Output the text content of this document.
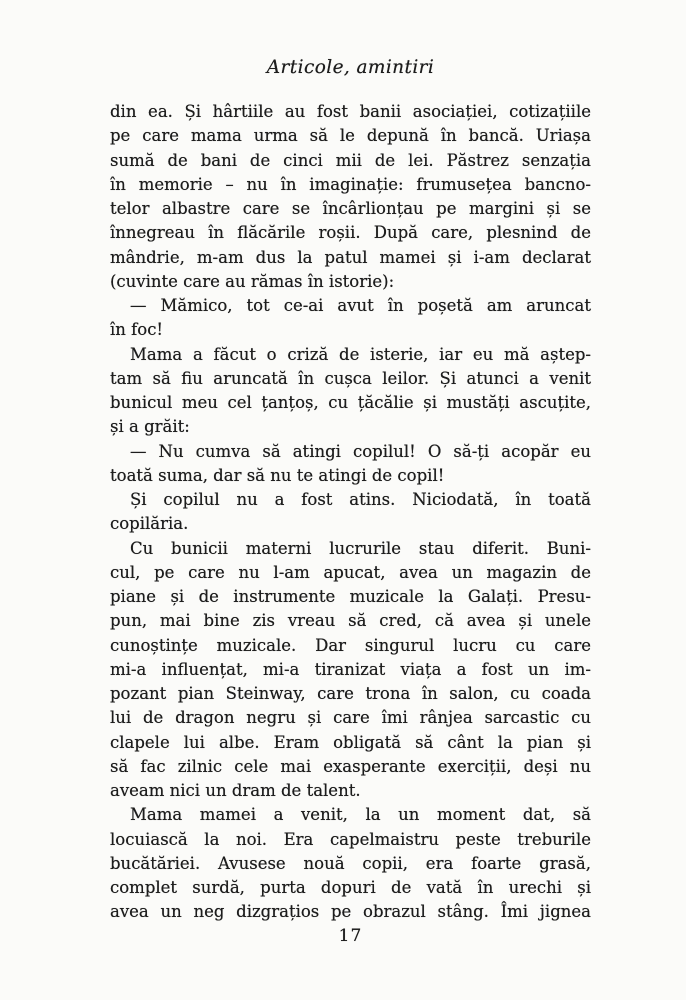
Articole, amintiri
din ea. Și hârtiile au fost banii asociației, cotizațiile
pe care mama urma să le depună în bancă. Uriașa
sumă de bani de cinci mii de lei. Păstrez senzația
în memorie – nu în imaginație: frumusețea bancno-
telor albastre care se încârlionțau pe margini și se
înnegreau în flăcările roșii. După care, plesnind de
mândrie, m-am dus la patul mamei și i-am declarat
(cuvinte care au rămas în istorie):
— Mămico, tot ce-ai avut în poșetă am aruncat
în foc!
Mama a făcut o criză de isterie, iar eu mă aștep-
tam să fiu aruncată în cușca leilor. Și atunci a venit
bunicul meu cel țanțoș, cu țăcălie și mustăți ascuțite,
și a grăit:
— Nu cumva să atingi copilul! O să-ți acopăr eu
toată suma, dar să nu te atingi de copil!
Și copilul nu a fost atins. Niciodată, în toată
copilăria.
Cu bunicii materni lucrurile stau diferit. Buni-
cul, pe care nu l-am apucat, avea un magazin de
piane și de instrumente muzicale la Galați. Presu-
pun, mai bine zis vreau să cred, că avea și unele
cunoștințe muzicale. Dar singurul lucru cu care
mi-a influențat, mi-a tiranizat viața a fost un im-
pozant pian Steinway, care trona în salon, cu coada
lui de dragon negru și care îmi rânjea sarcastic cu
clapele lui albe. Eram obligată să cânt la pian și
să fac zilnic cele mai exasperante exerciții, deși nu
aveam nici un dram de talent.
Mama mamei a venit, la un moment dat, să
locuiască la noi. Era capelmaistru peste treburile
bucătăriei. Avusese nouă copii, era foarte grasă,
complet surdă, purta dopuri de vată în urechi și
avea un neg dizgrațios pe obrazul stâng. Îmi jignea
17
